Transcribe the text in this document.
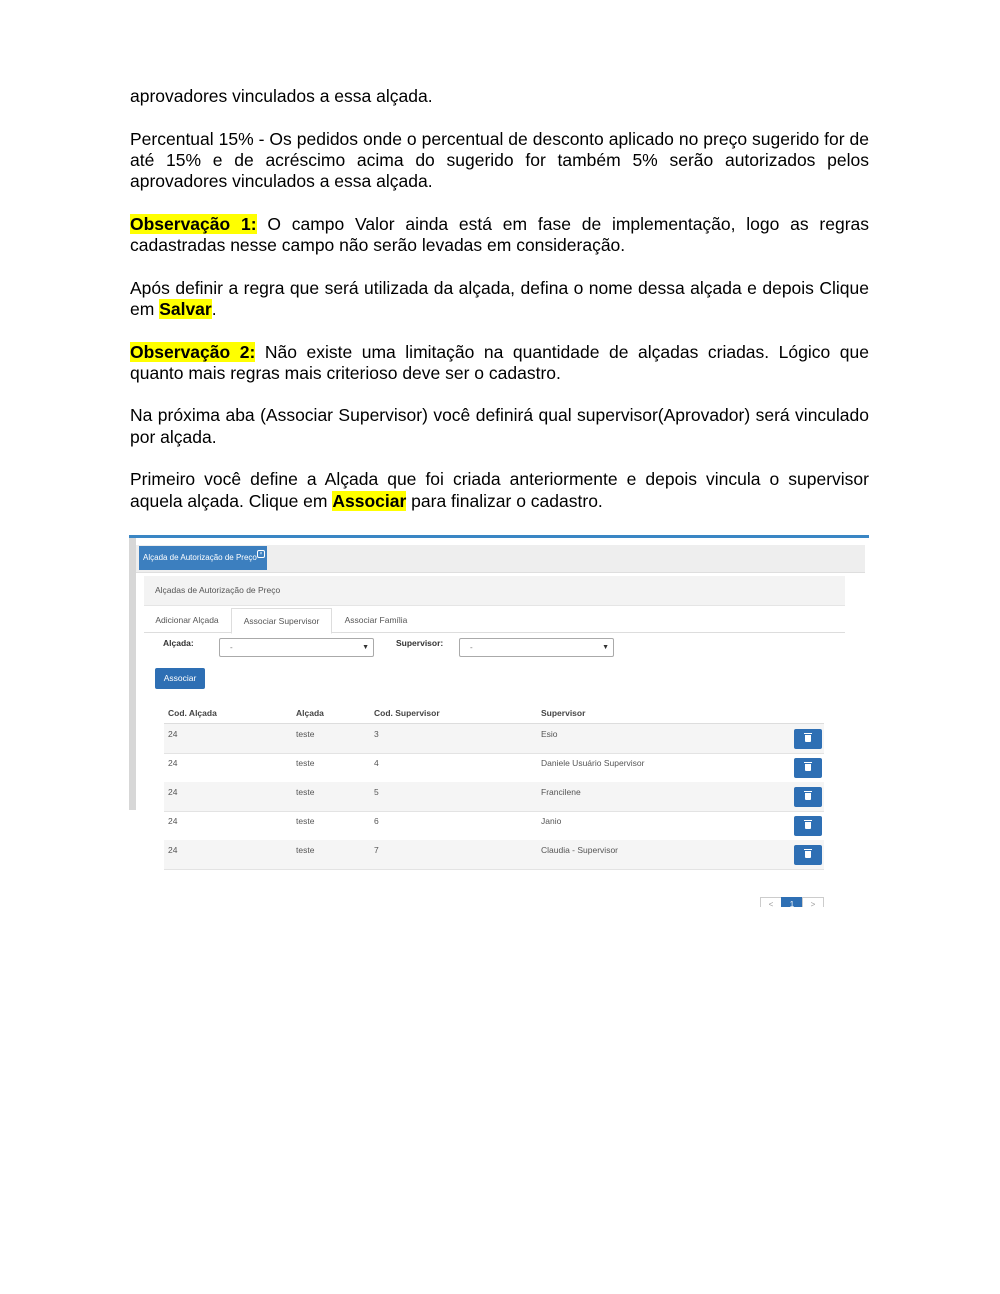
aprovadores vinculados a essa alçada.

Percentual 15% - Os pedidos onde o percentual de desconto aplicado no preço sugerido for de até 15% e de acréscimo acima do sugerido for também 5% serão autorizados pelos aprovadores vinculados a essa alçada.

Observação 1: O campo Valor ainda está em fase de implementação, logo as regras cadastradas nesse campo não serão levadas em consideração.

Após definir a regra que será utilizada da alçada, defina o nome dessa alçada e depois Clique em Salvar.

Observação 2: Não existe uma limitação na quantidade de alçadas criadas. Lógico que quanto mais regras mais criterioso deve ser o cadastro.

Na próxima aba (Associar Supervisor) você definirá qual supervisor(Aprovador) será vinculado por alçada.

Primeiro você define a Alçada que foi criada anteriormente e depois vincula o supervisor aquela alçada. Clique em Associar para finalizar o cadastro.

Alçada de Autorização de Preço ×
Alçadas de Autorização de Preço
Adicionar Alçada	Associar Supervisor	Associar Família
Alçada:	-	▼	Supervisor:	-	▼
Associar
Cod. Alçada	Alçada	Cod. Supervisor	Supervisor
24	teste	3	Esio
24	teste	4	Daniele Usuário Supervisor
24	teste	5	Francilene
24	teste	6	Janio
24	teste	7	Claudia - Supervisor
<	1	>
